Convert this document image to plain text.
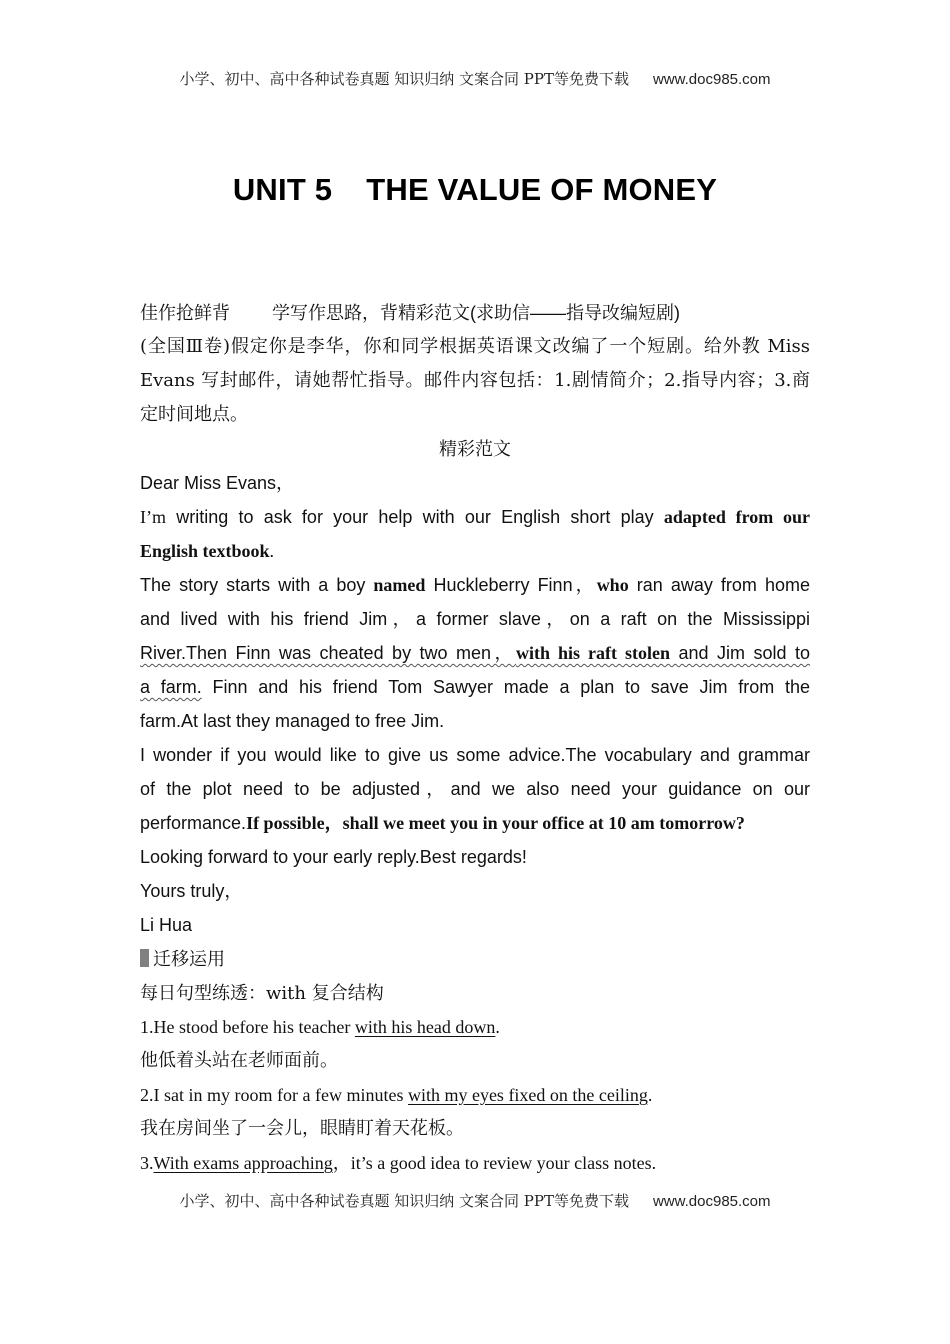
小学、初中、高中各种试卷真题 知识归纳 文案合同 PPT等免费下载 www.doc985.com
UNIT 5 THE VALUE OF MONEY
佳作抢鲜背 学写作思路，背精彩范文(求助信——指导改编短剧)
(全国Ⅲ卷)假定你是李华，你和同学根据英语课文改编了一个短剧。给外教 Miss
Evans 写封邮件，请她帮忙指导。邮件内容包括：1.剧情简介；2.指导内容；3.商
定时间地点。
精彩范文
Dear Miss Evans，
I’m writing to ask for your help with our English short play adapted from our
English textbook.
The story starts with a boy named Huckleberry Finn，who ran away from home
and lived with his friend Jim，a former slave，on a raft on the Mississippi
River.Then Finn was cheated by two men，with his raft stolen and Jim sold to
a farm. Finn and his friend Tom Sawyer made a plan to save Jim from the
farm.At last they managed to free Jim.
I wonder if you would like to give us some advice.The vocabulary and grammar
of the plot need to be adjusted，and we also need your guidance on our
performance.If possible，shall we meet you in your office at 10 am tomorrow?
Looking forward to your early reply.Best regards!
Yours truly，
Li Hua
迁移运用
每日句型练透：with 复合结构
1.He stood before his teacher with his head down.
他低着头站在老师面前。
2.I sat in my room for a few minutes with my eyes fixed on the ceiling.
我在房间坐了一会儿，眼睛盯着天花板。
3.With exams approaching，it’s a good idea to review your class notes.
小学、初中、高中各种试卷真题 知识归纳 文案合同 PPT等免费下载 www.doc985.com
